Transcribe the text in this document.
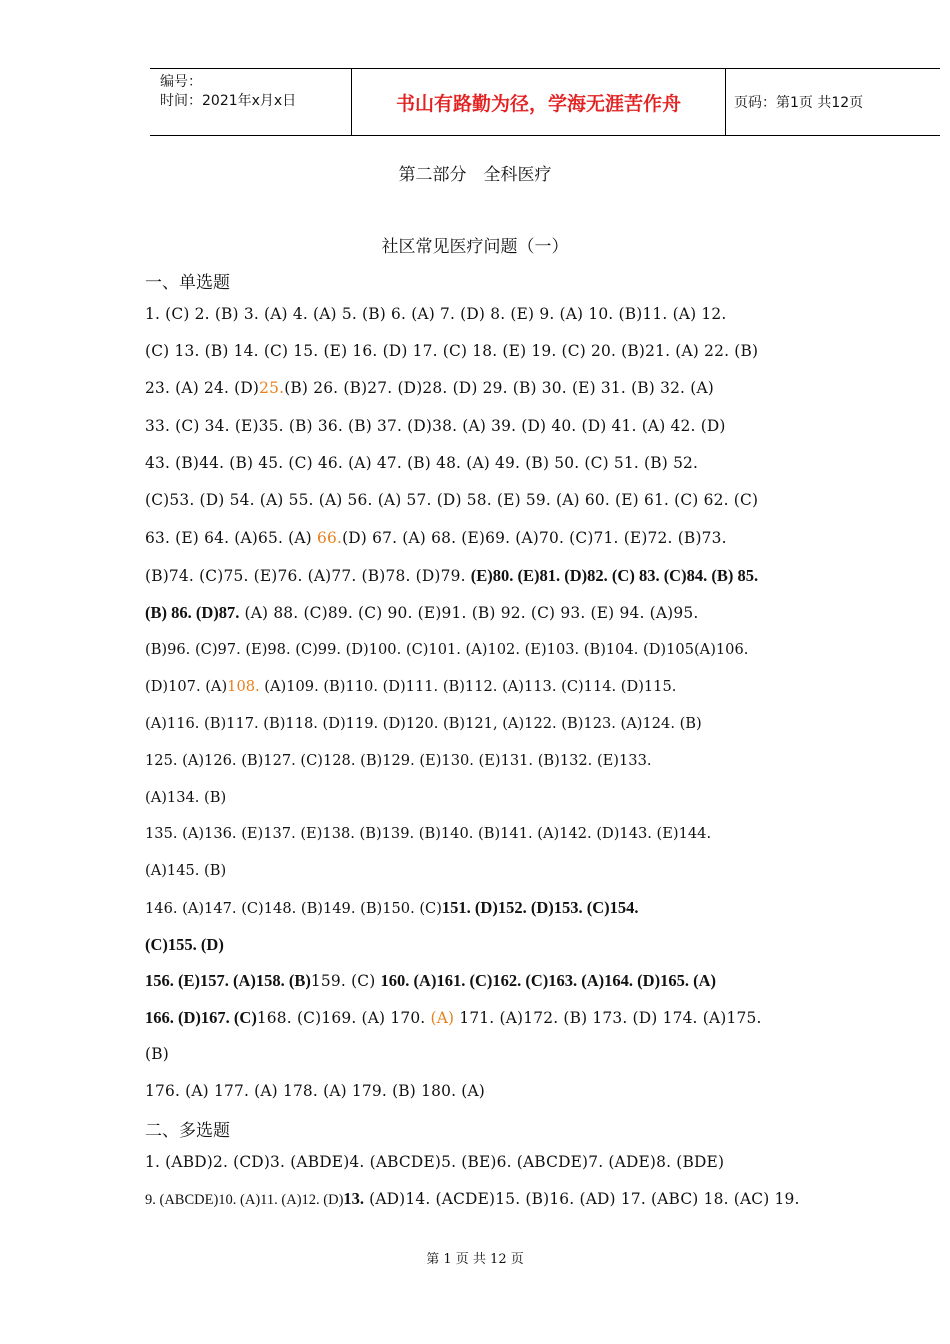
编号：
时间：2021年x月x日	书山有路勤为径，学海无涯苦作舟	页码：第1页 共12页
第二部分　全科医疗
社区常见医疗问题（一）
一、单选题
1. (C) 2. (B) 3. (A) 4. (A) 5. (B) 6. (A) 7. (D) 8. (E) 9. (A) 10. (B)11. (A) 12.
(C) 13. (B) 14. (C) 15. (E) 16. (D) 17. (C) 18. (E) 19. (C) 20. (B)21. (A) 22. (B)
23. (A) 24. (D)25.(B) 26. (B)27. (D)28. (D) 29. (B) 30. (E) 31. (B) 32. (A)
33. (C) 34. (E)35. (B) 36. (B) 37. (D)38. (A) 39. (D) 40. (D) 41. (A) 42. (D)
43. (B)44. (B) 45. (C) 46. (A) 47. (B) 48. (A) 49. (B) 50. (C) 51. (B) 52.
(C)53. (D) 54. (A) 55. (A) 56. (A) 57. (D) 58. (E) 59. (A) 60. (E) 61. (C) 62. (C)
63. (E) 64. (A)65. (A) 66.(D) 67. (A) 68. (E)69. (A)70. (C)71. (E)72. (B)73.
(B)74. (C)75. (E)76. (A)77. (B)78. (D)79. (E)80. (E)81. (D)82. (C) 83. (C)84. (B) 85.
(B) 86. (D)87. (A) 88. (C)89. (C) 90. (E)91. (B) 92. (C) 93. (E) 94. (A)95.
(B)96. (C)97. (E)98. (C)99. (D)100. (C)101. (A)102. (E)103. (B)104. (D)105(A)106.
(D)107. (A)108. (A)109. (B)110. (D)111. (B)112. (A)113. (C)114. (D)115.
(A)116. (B)117. (B)118. (D)119. (D)120. (B)121, (A)122. (B)123. (A)124. (B)
125. (A)126. (B)127. (C)128. (B)129. (E)130. (E)131. (B)132. (E)133.
(A)134. (B)
135. (A)136. (E)137. (E)138. (B)139. (B)140. (B)141. (A)142. (D)143. (E)144.
(A)145. (B)
146. (A)147. (C)148. (B)149. (B)150. (C)151. (D)152. (D)153. (C)154.
(C)155. (D)
156. (E)157. (A)158. (B)159. (C) 160. (A)161. (C)162. (C)163. (A)164. (D)165. (A)
166. (D)167. (C)168. (C)169. (A) 170. (A) 171. (A)172. (B) 173. (D) 174. (A)175.
(B)
176. (A) 177. (A) 178. (A) 179. (B) 180. (A)
二、多选题
1. (ABD)2. (CD)3. (ABDE)4. (ABCDE)5. (BE)6. (ABCDE)7. (ADE)8. (BDE)
9. (ABCDE)10. (A)11. (A)12. (D)13. (AD)14. (ACDE)15. (B)16. (AD) 17. (ABC) 18. (AC) 19.
第 1 页 共 12 页
